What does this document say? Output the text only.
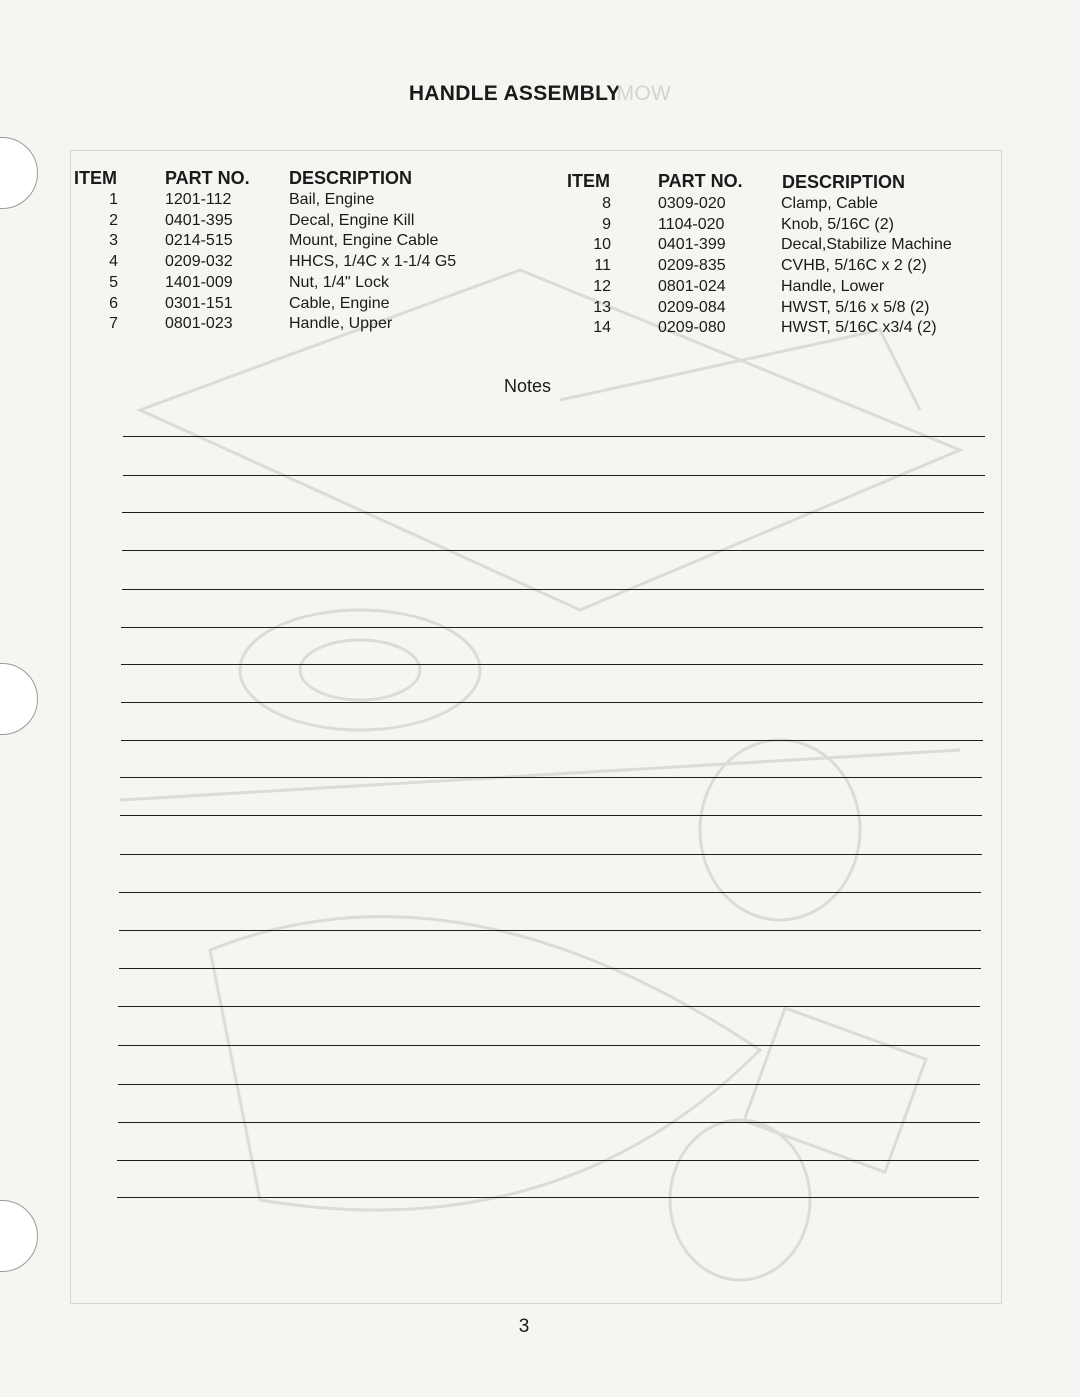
HANDLE ASSEMBLYMOW
ITEM	PART NO. DESCRIPTION	ITEM	PART NO. DESCRIPTION
1	1201-112	Bail, Engine
2	0401-395	Decal, Engine Kill
3	0214-515	Mount, Engine Cable
4	0209-032	HHCS, 1/4C x 1-1/4 G5
5	1401-009	Nut, 1/4" Lock
6	0301-151	Cable, Engine
7	0801-023	Handle, Upper
8	0309-020	Clamp, Cable
9	1104-020	Knob, 5/16C (2)
10	0401-399	Decal,Stabilize Machine
11	0209-835	CVHB, 5/16C x 2 (2)
12	0801-024	Handle, Lower
13	0209-084	HWST, 5/16 x 5/8 (2)
14	0209-080	HWST, 5/16C x3/4 (2)
Notes
3
